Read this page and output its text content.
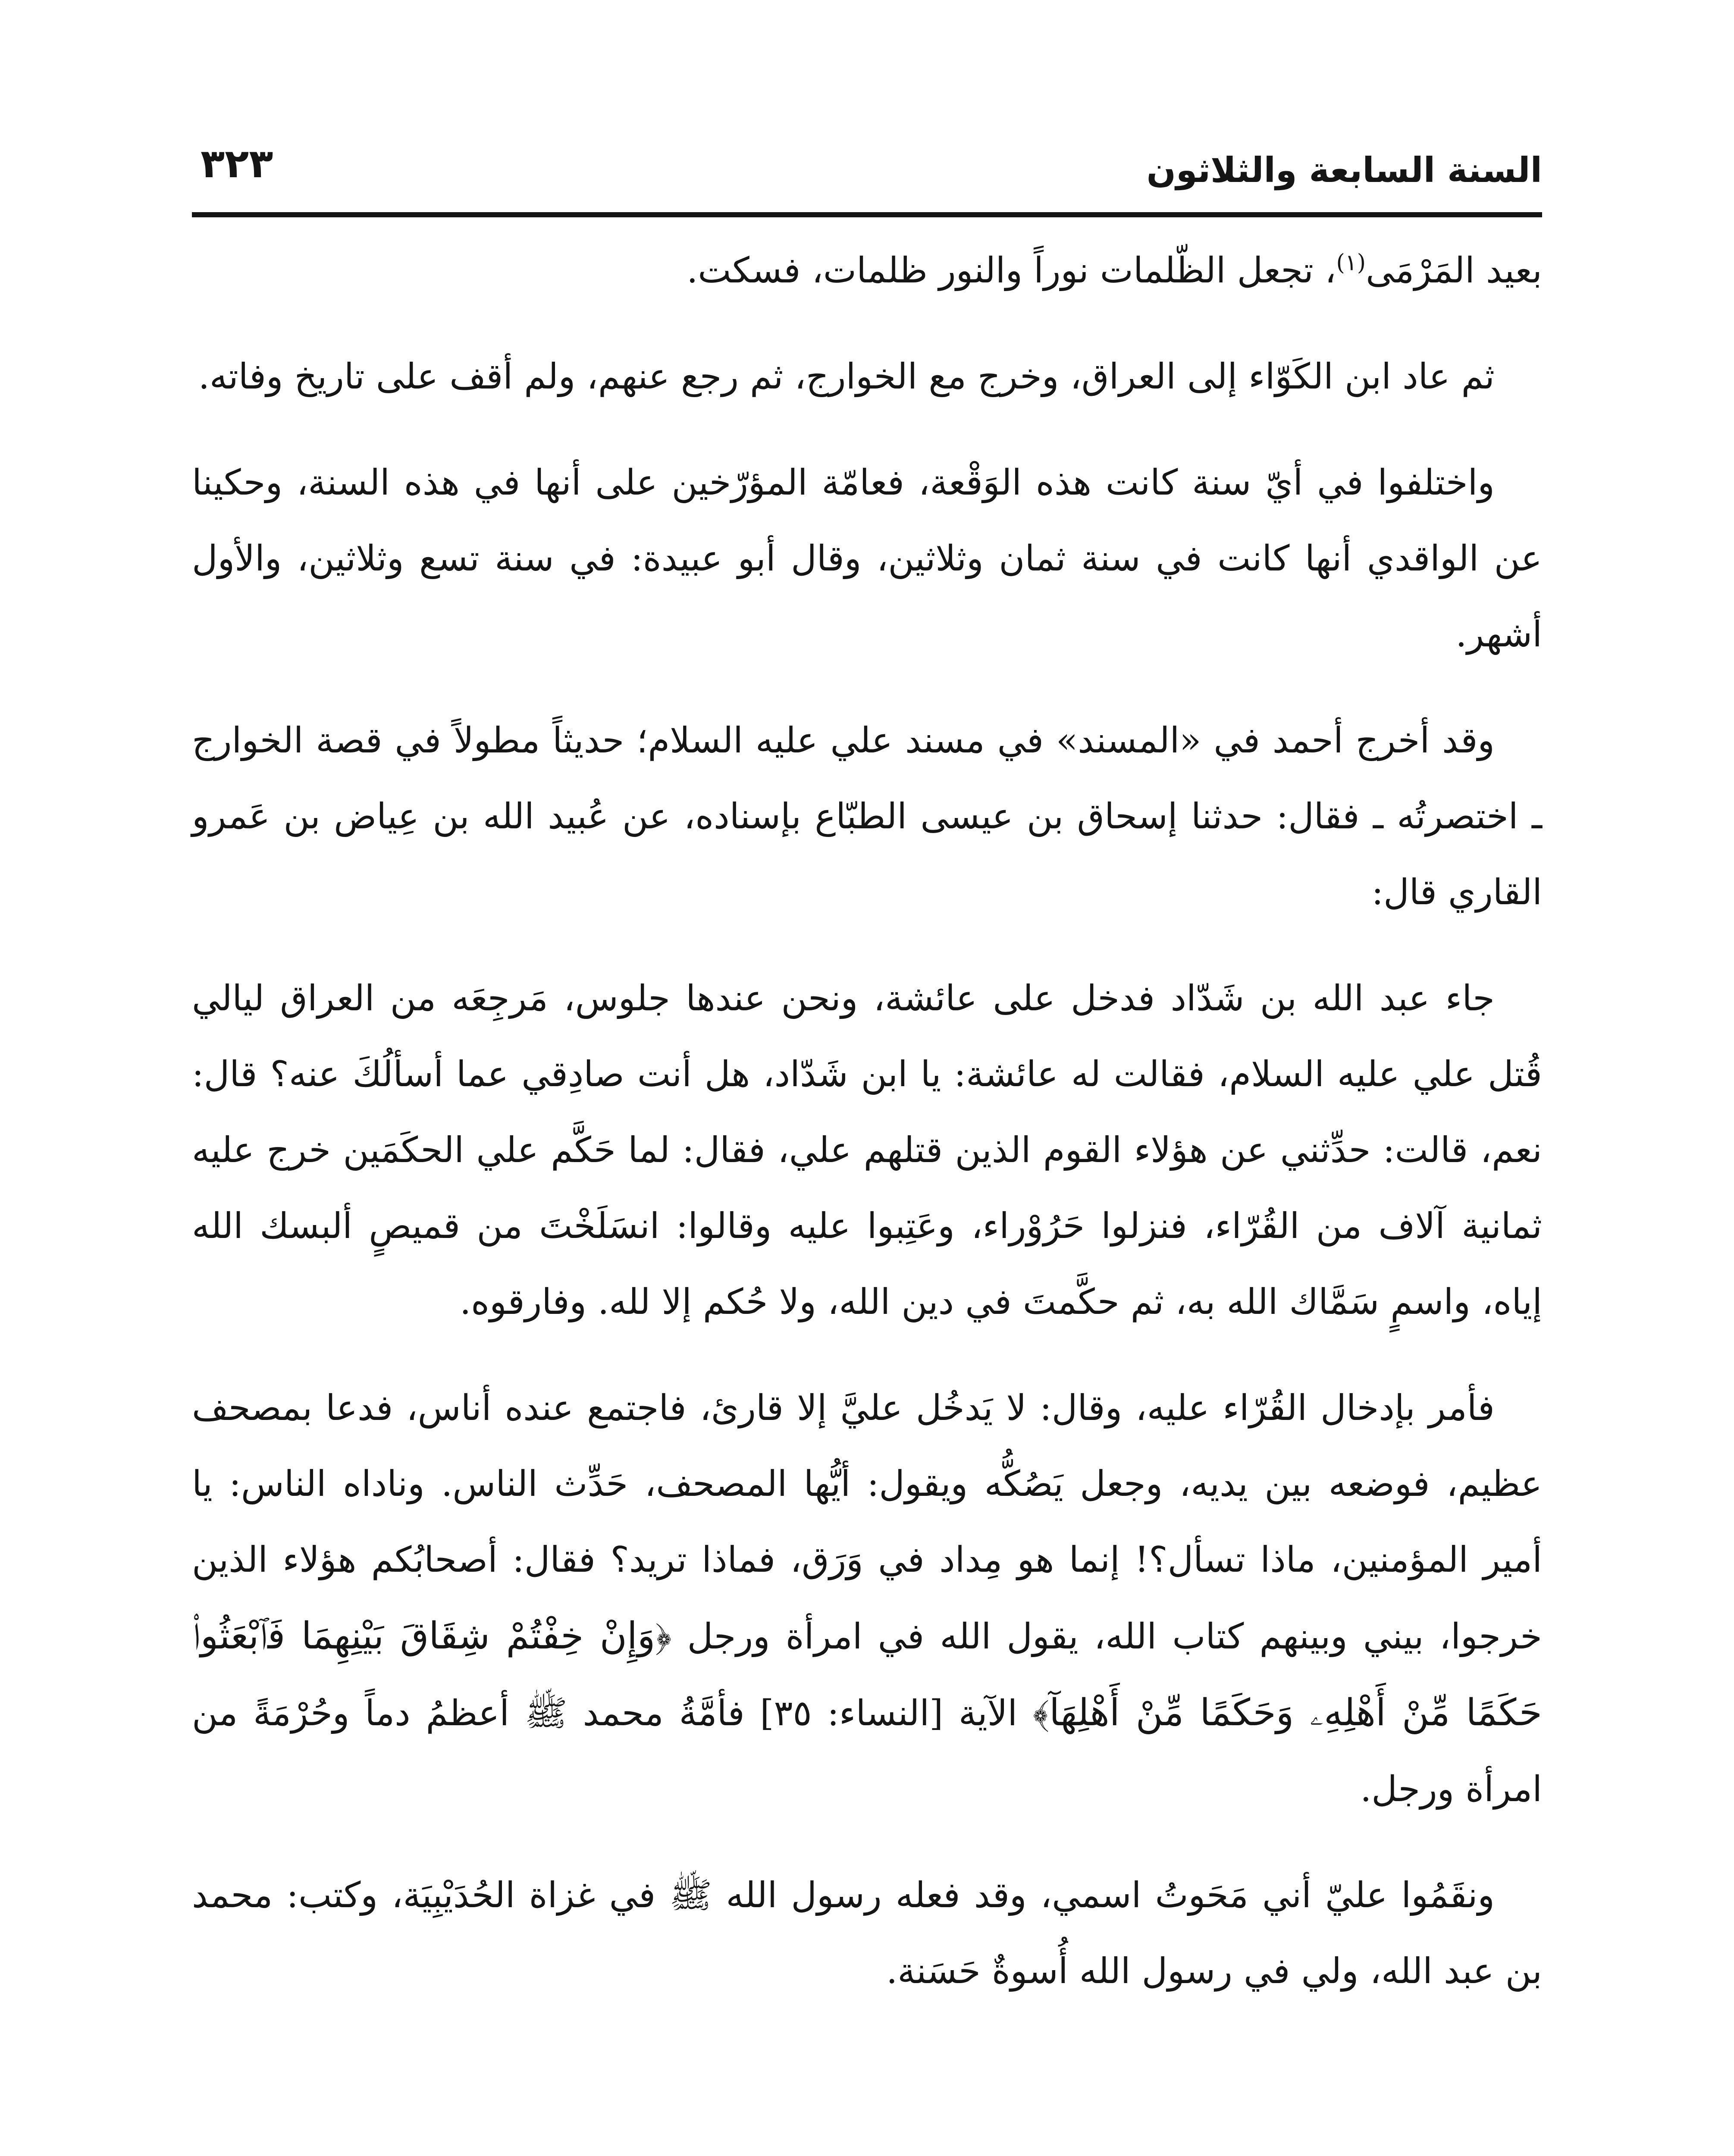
السنة السابعة والثلاثون
٣٢٣

بعيد المَرْمَى$^{(١)}$، تجعل الظّلمات نوراً والنور ظلمات، فسكت.

ثم عاد ابن الكَوّاء إلى العراق، وخرج مع الخوارج، ثم رجع عنهم، ولم أقف على تاريخ وفاته.

واختلفوا في أيّ سنة كانت هذه الوَقْعة، فعامّة المؤرّخين على أنها في هذه السنة، وحكينا عن الواقدي أنها كانت في سنة ثمان وثلاثين، وقال أبو عبيدة: في سنة تسع وثلاثين، والأول أشهر.

وقد أخرج أحمد في «المسند» في مسند علي عليه السلام؛ حديثاً مطولاً في قصة الخوارج ـ اختصرتُه ـ فقال: حدثنا إسحاق بن عيسى الطبّاع بإسناده، عن عُبيد الله بن عِياض بن عَمرو القاري قال:

جاء عبد الله بن شَدّاد فدخل على عائشة، ونحن عندها جلوس، مَرجِعَه من العراق ليالي قُتل علي عليه السلام، فقالت له عائشة: يا ابن شَدّاد، هل أنت صادِقي عما أسألُكَ عنه؟ قال: نعم، قالت: حدِّثني عن هؤلاء القوم الذين قتلهم علي، فقال: لما حَكَّم علي الحكَمَين خرج عليه ثمانية آلاف من القُرّاء، فنزلوا حَرُوْراء، وعَتِبوا عليه وقالوا: انسَلَخْتَ من قميصٍ ألبسك الله إياه، واسمٍ سَمَّاك الله به، ثم حكَّمتَ في دين الله، ولا حُكم إلا لله. وفارقوه.

فأمر بإدخال القُرّاء عليه، وقال: لا يَدخُل عليَّ إلا قارئ، فاجتمع عنده أناس، فدعا بمصحف عظيم، فوضعه بين يديه، وجعل يَصُكُّه ويقول: أيُّها المصحف، حَدِّث الناس. وناداه الناس: يا أمير المؤمنين، ماذا تسأل؟! إنما هو مِداد في وَرَق، فماذا تريد؟ فقال: أصحابُكم هؤلاء الذين خرجوا، بيني وبينهم كتاب الله، يقول الله في امرأة ورجل ﴿وَإِنْ خِفْتُمْ شِقَاقَ بَيْنِهِمَا فَٱبْعَثُوا۟ حَكَمًا مِّنْ أَهْلِهِۦ وَحَكَمًا مِّنْ أَهْلِهَآ﴾ الآية [النساء: ٣٥] فأمَّةُ محمد ﷺ أعظمُ دماً وحُرْمَةً من امرأة ورجل.

ونقَمُوا عليّ أني مَحَوتُ اسمي، وقد فعله رسول الله ﷺ في غزاة الحُدَيْبِيَة، وكتب: محمد بن عبد الله، ولي في رسول الله أُسوةٌ حَسَنة.
